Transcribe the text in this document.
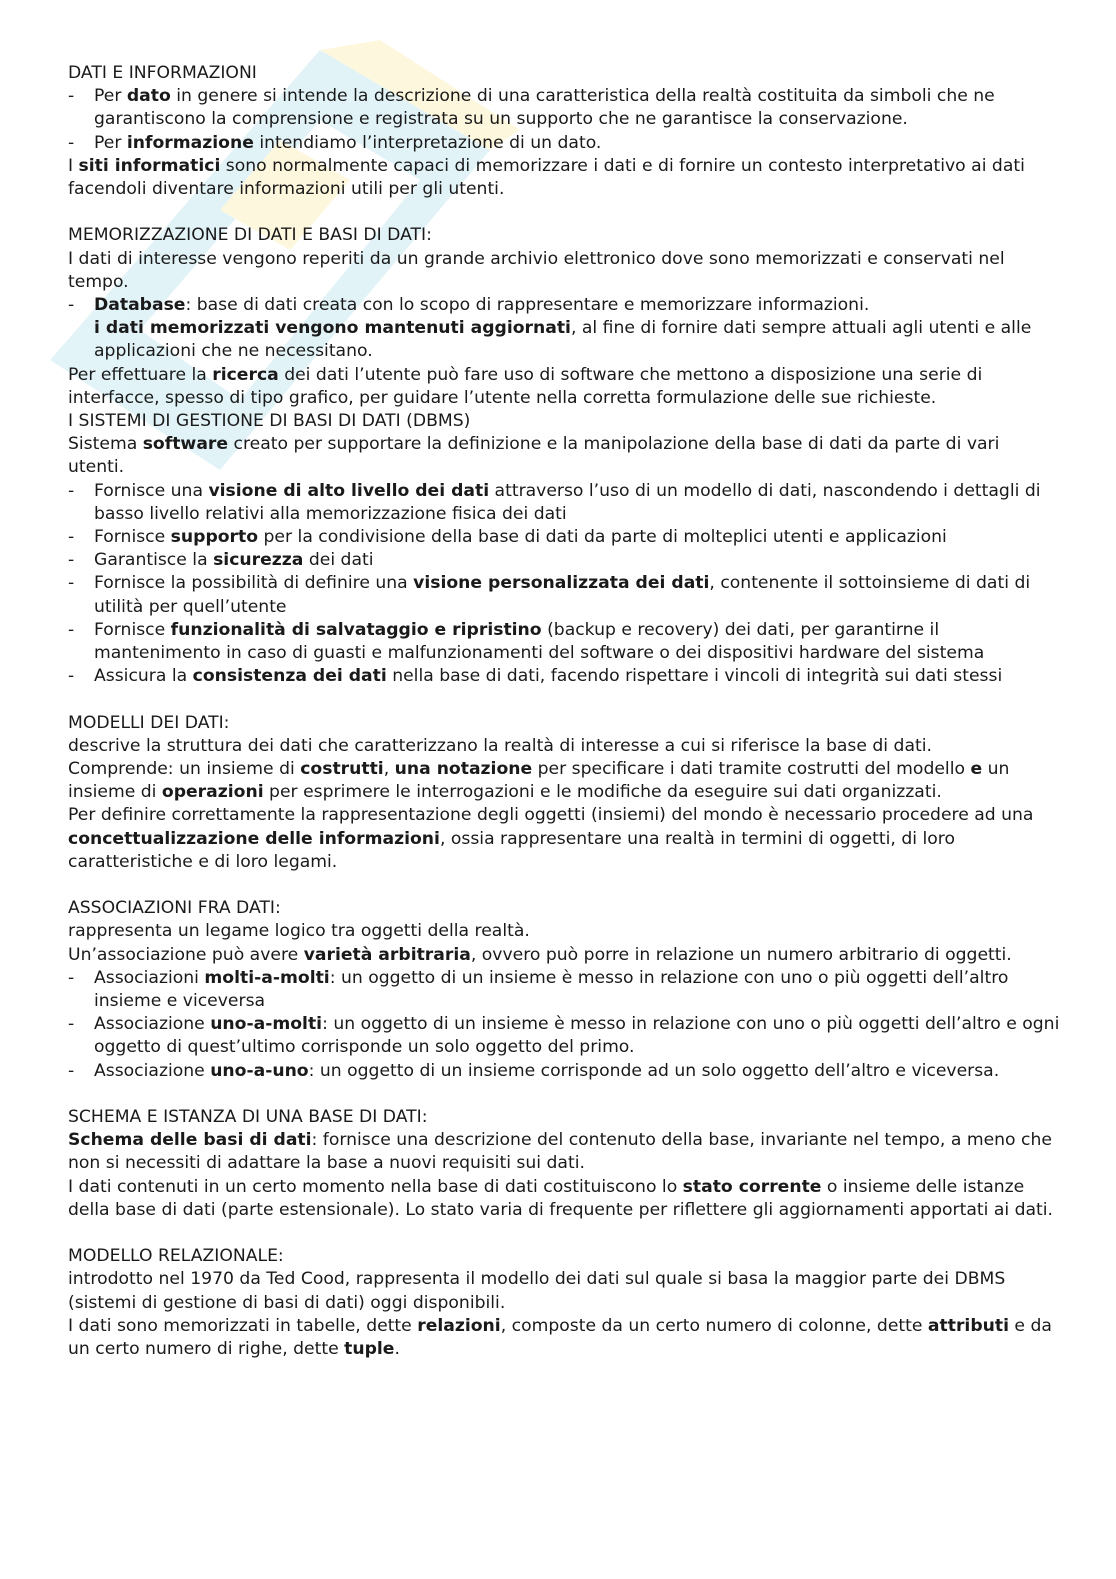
DATI E INFORMAZIONI

- Per dato in genere si intende la descrizione di una caratteristica della realtà costituita da simboli che ne garantiscono la comprensione e registrata su un supporto che ne garantisce la conservazione.
- Per informazione intendiamo l’interpretazione di un dato.

I siti informatici sono normalmente capaci di memorizzare i dati e di fornire un contesto interpretativo ai dati facendoli diventare informazioni utili per gli utenti.

MEMORIZZAZIONE DI DATI E BASI DI DATI:

I dati di interesse vengono reperiti da un grande archivio elettronico dove sono memorizzati e conservati nel tempo.

- Database: base di dati creata con lo scopo di rappresentare e memorizzare informazioni.

i dati memorizzati vengono mantenuti aggiornati, al fine di fornire dati sempre attuali agli utenti e alle applicazioni che ne necessitano.

Per effettuare la ricerca dei dati l’utente può fare uso di software che mettono a disposizione una serie di interfacce, spesso di tipo grafico, per guidare l’utente nella corretta formulazione delle sue richieste.

I SISTEMI DI GESTIONE DI BASI DI DATI (DBMS)

Sistema software creato per supportare la definizione e la manipolazione della base di dati da parte di vari utenti.

- Fornisce una visione di alto livello dei dati attraverso l’uso di un modello di dati, nascondendo i dettagli di basso livello relativi alla memorizzazione fisica dei dati
- Fornisce supporto per la condivisione della base di dati da parte di molteplici utenti e applicazioni
- Garantisce la sicurezza dei dati
- Fornisce la possibilità di definire una visione personalizzata dei dati, contenente il sottoinsieme di dati di utilità per quell’utente
- Fornisce funzionalità di salvataggio e ripristino (backup e recovery) dei dati, per garantirne il mantenimento in caso di guasti e malfunzionamenti del software o dei dispositivi hardware del sistema
- Assicura la consistenza dei dati nella base di dati, facendo rispettare i vincoli di integrità sui dati stessi

MODELLI DEI DATI:

descrive la struttura dei dati che caratterizzano la realtà di interesse a cui si riferisce la base di dati.

Comprende: un insieme di costrutti, una notazione per specificare i dati tramite costrutti del modello e un insieme di operazioni per esprimere le interrogazioni e le modifiche da eseguire sui dati organizzati.

Per definire correttamente la rappresentazione degli oggetti (insiemi) del mondo è necessario procedere ad una concettualizzazione delle informazioni, ossia rappresentare una realtà in termini di oggetti, di loro caratteristiche e di loro legami.

ASSOCIAZIONI FRA DATI:

rappresenta un legame logico tra oggetti della realtà.

Un’associazione può avere varietà arbitraria, ovvero può porre in relazione un numero arbitrario di oggetti.

- Associazioni molti-a-molti: un oggetto di un insieme è messo in relazione con uno o più oggetti dell’altro insieme e viceversa
- Associazione uno-a-molti: un oggetto di un insieme è messo in relazione con uno o più oggetti dell’altro e ogni oggetto di quest’ultimo corrisponde un solo oggetto del primo.
- Associazione uno-a-uno: un oggetto di un insieme corrisponde ad un solo oggetto dell’altro e viceversa.

SCHEMA E ISTANZA DI UNA BASE DI DATI:

Schema delle basi di dati: fornisce una descrizione del contenuto della base, invariante nel tempo, a meno che non si necessiti di adattare la base a nuovi requisiti sui dati.

I dati contenuti in un certo momento nella base di dati costituiscono lo stato corrente o insieme delle istanze della base di dati (parte estensionale). Lo stato varia di frequente per riflettere gli aggiornamenti apportati ai dati.

MODELLO RELAZIONALE:

introdotto nel 1970 da Ted Cood, rappresenta il modello dei dati sul quale si basa la maggior parte dei DBMS (sistemi di gestione di basi di dati) oggi disponibili.

I dati sono memorizzati in tabelle, dette relazioni, composte da un certo numero di colonne, dette attributi e da un certo numero di righe, dette tuple.
